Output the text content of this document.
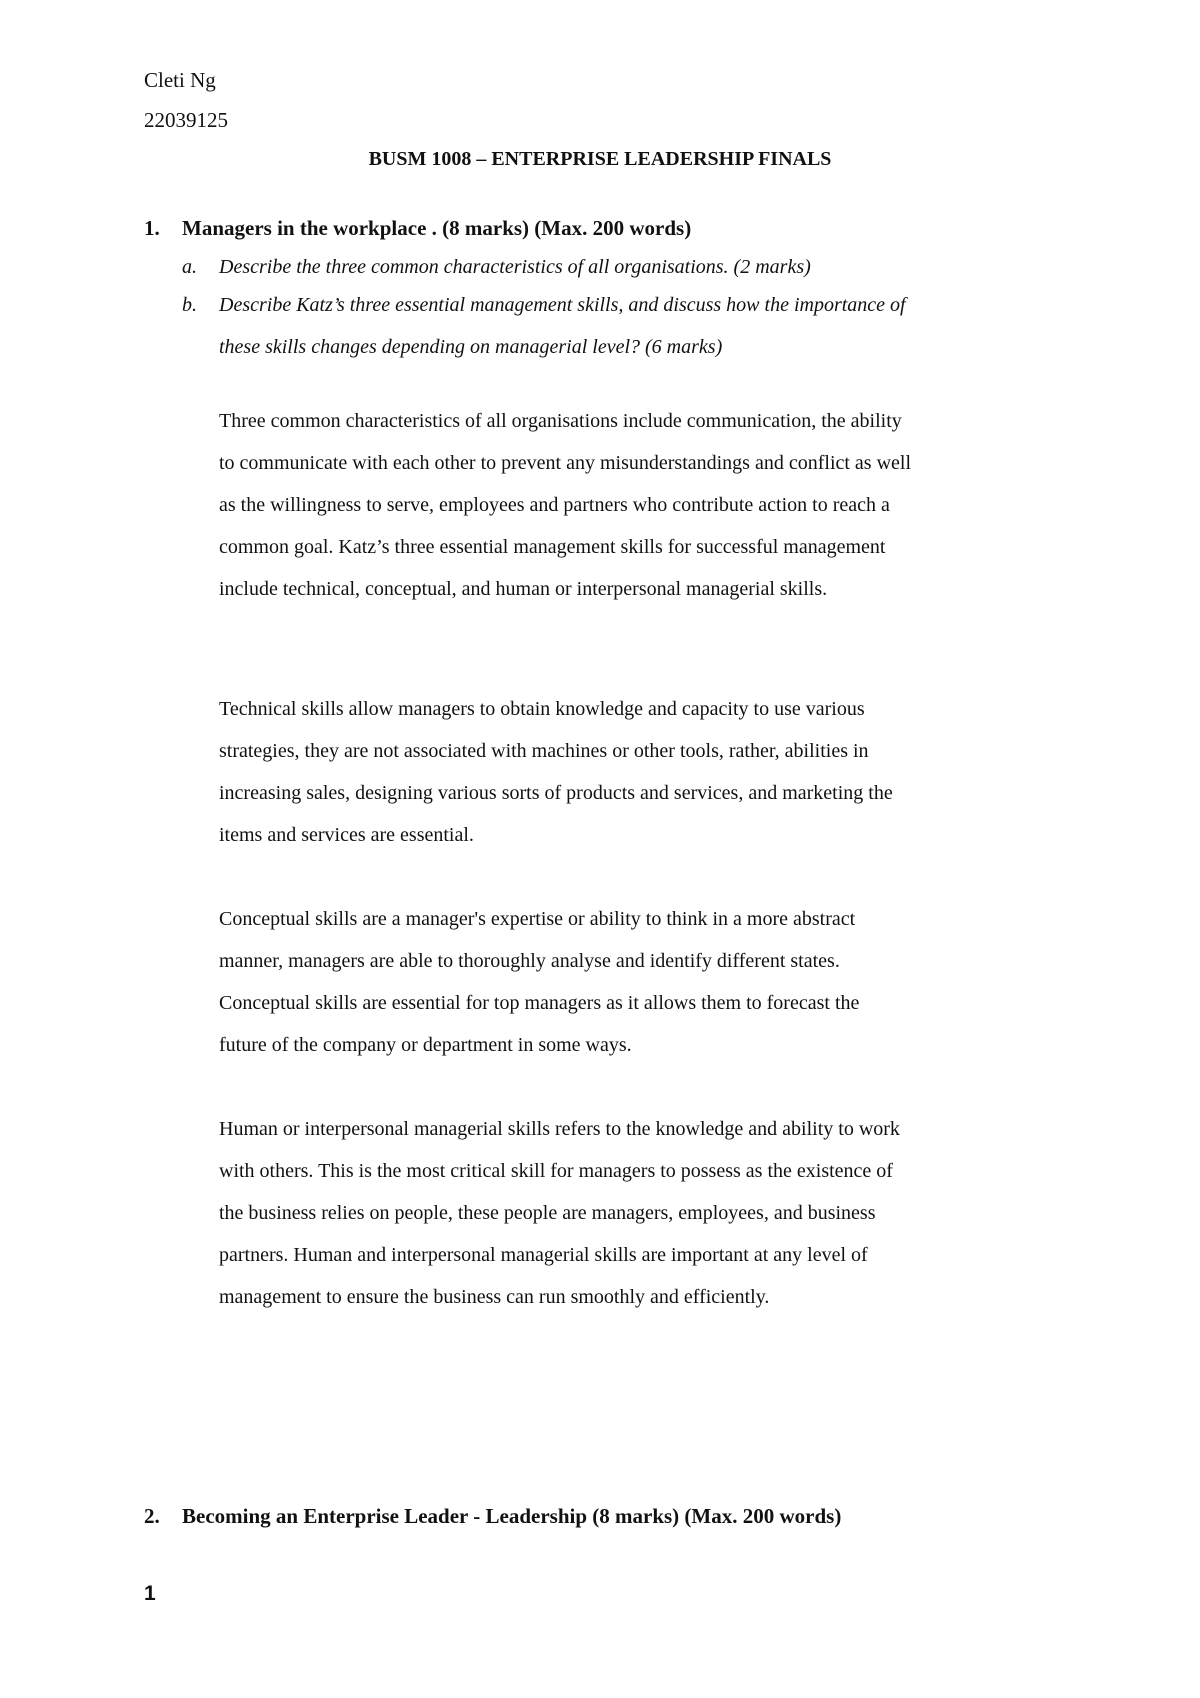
Cleti Ng
22039125
BUSM 1008 – ENTERPRISE LEADERSHIP FINALS
1. Managers in the workplace . (8 marks) (Max. 200 words)
a. Describe the three common characteristics of all organisations. (2 marks)
b. Describe Katz’s three essential management skills, and discuss how the importance of
these skills changes depending on managerial level? (6 marks)
Three common characteristics of all organisations include communication, the ability
to communicate with each other to prevent any misunderstandings and conflict as well
as the willingness to serve, employees and partners who contribute action to reach a
common goal. Katz’s three essential management skills for successful management
include technical, conceptual, and human or interpersonal managerial skills.
Technical skills allow managers to obtain knowledge and capacity to use various
strategies, they are not associated with machines or other tools, rather, abilities in
increasing sales, designing various sorts of products and services, and marketing the
items and services are essential.
Conceptual skills are a manager's expertise or ability to think in a more abstract
manner, managers are able to thoroughly analyse and identify different states.
Conceptual skills are essential for top managers as it allows them to forecast the
future of the company or department in some ways.
Human or interpersonal managerial skills refers to the knowledge and ability to work
with others. This is the most critical skill for managers to possess as the existence of
the business relies on people, these people are managers, employees, and business
partners. Human and interpersonal managerial skills are important at any level of
management to ensure the business can run smoothly and efficiently.
2. Becoming an Enterprise Leader - Leadership (8 marks) (Max. 200 words)
1
